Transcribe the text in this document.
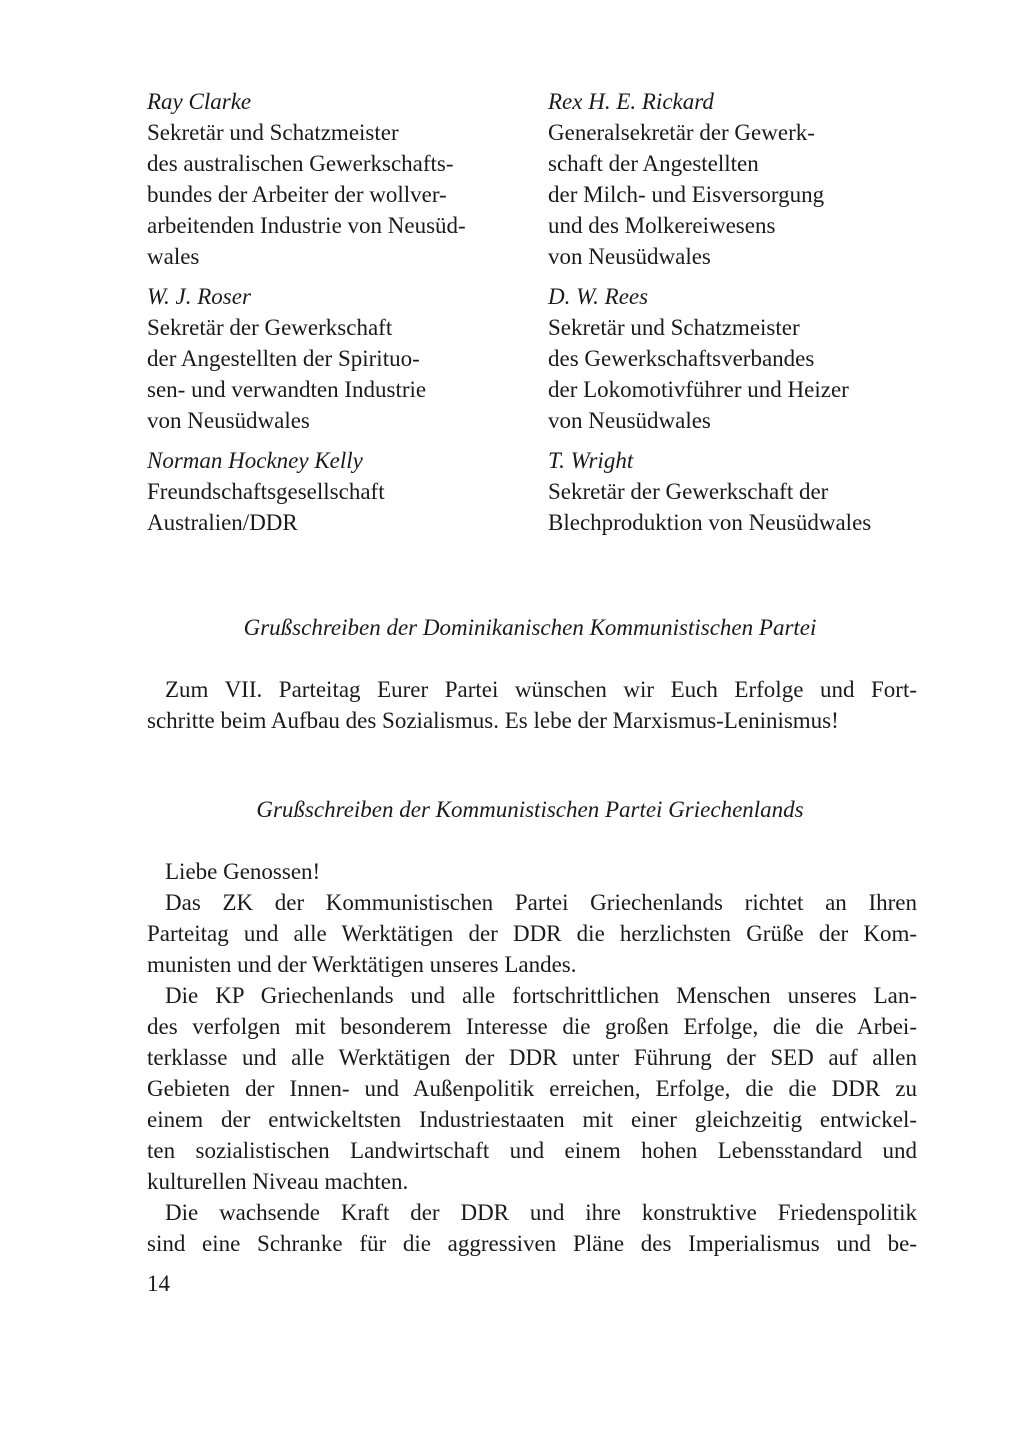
Ray Clarke
Sekretär und Schatzmeister
des australischen Gewerkschafts-
bundes der Arbeiter der wollver-
arbeitenden Industrie von Neusüd-
wales
W. J. Roser
Sekretär der Gewerkschaft
der Angestellten der Spirituo-
sen- und verwandten Industrie
von Neusüdwales
Norman Hockney Kelly
Freundschaftsgesellschaft
Australien/DDR
Rex H. E. Rickard
Generalsekretär der Gewerk-
schaft der Angestellten
der Milch- und Eisversorgung
und des Molkereiwesens
von Neusüdwales
D. W. Rees
Sekretär und Schatzmeister
des Gewerkschaftsverbandes
der Lokomotivführer und Heizer
von Neusüdwales
T. Wright
Sekretär der Gewerkschaft der
Blechproduktion von Neusüdwales
Grußschreiben der Dominikanischen Kommunistischen Partei
Zum VII. Parteitag Eurer Partei wünschen wir Euch Erfolge und Fort-
schritte beim Aufbau des Sozialismus. Es lebe der Marxismus-Leninismus!
Grußschreiben der Kommunistischen Partei Griechenlands
Liebe Genossen!
Das ZK der Kommunistischen Partei Griechenlands richtet an Ihren
Parteitag und alle Werktätigen der DDR die herzlichsten Grüße der Kom-
munisten und der Werktätigen unseres Landes.
Die KP Griechenlands und alle fortschrittlichen Menschen unseres Lan-
des verfolgen mit besonderem Interesse die großen Erfolge, die die Arbei-
terklasse und alle Werktätigen der DDR unter Führung der SED auf allen
Gebieten der Innen- und Außenpolitik erreichen, Erfolge, die die DDR zu
einem der entwickeltsten Industriestaaten mit einer gleichzeitig entwickel-
ten sozialistischen Landwirtschaft und einem hohen Lebensstandard und
kulturellen Niveau machten.
Die wachsende Kraft der DDR und ihre konstruktive Friedenspolitik
sind eine Schranke für die aggressiven Pläne des Imperialismus und be-
14
